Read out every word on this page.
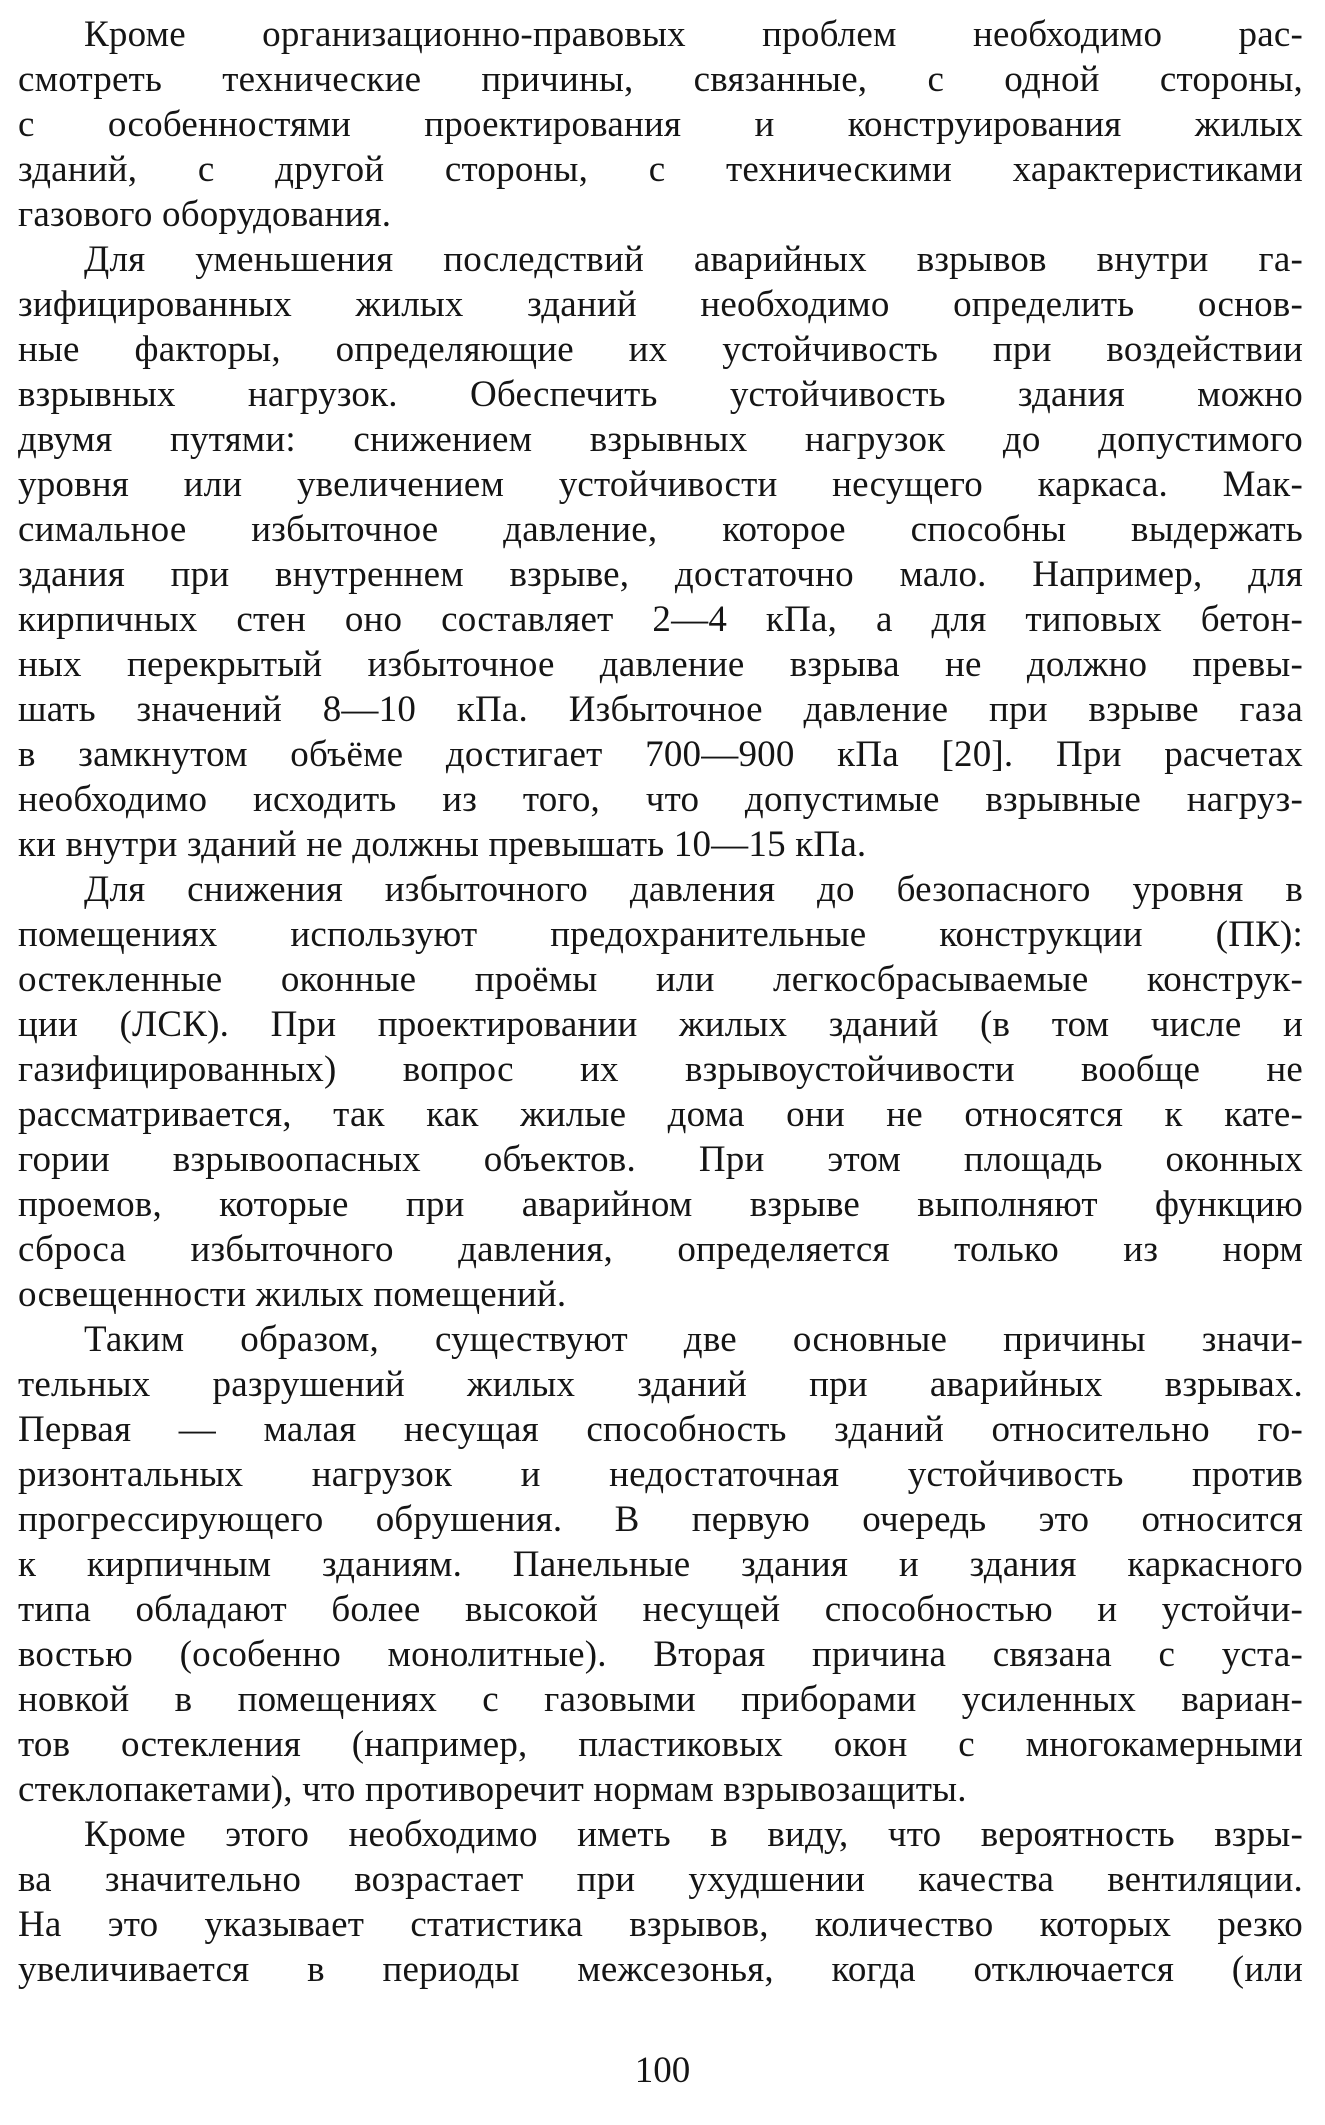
Кроме организационно-правовых проблем необходимо рас-
смотреть технические причины, связанные, с одной стороны,
с особенностями проектирования и конструирования жилых
зданий, с другой стороны, с техническими характеристиками
газового оборудования.
Для уменьшения последствий аварийных взрывов внутри га-
зифицированных жилых зданий необходимо определить основ-
ные факторы, определяющие их устойчивость при воздействии
взрывных нагрузок. Обеспечить устойчивость здания можно
двумя путями: снижением взрывных нагрузок до допустимого
уровня или увеличением устойчивости несущего каркаса. Мак-
симальное избыточное давление, которое способны выдержать
здания при внутреннем взрыве, достаточно мало. Например, для
кирпичных стен оно составляет 2—4 кПа, а для типовых бетон-
ных перекрытый избыточное давление взрыва не должно превы-
шать значений 8—10 кПа. Избыточное давление при взрыве газа
в замкнутом объёме достигает 700—900 кПа [20]. При расчетах
необходимо исходить из того, что допустимые взрывные нагруз-
ки внутри зданий не должны превышать 10—15 кПа.
Для снижения избыточного давления до безопасного уровня в
помещениях используют предохранительные конструкции (ПК):
остекленные оконные проёмы или легкосбрасываемые конструк-
ции (ЛСК). При проектировании жилых зданий (в том числе и
газифицированных) вопрос их взрывоустойчивости вообще не
рассматривается, так как жилые дома они не относятся к кате-
гории взрывоопасных объектов. При этом площадь оконных
проемов, которые при аварийном взрыве выполняют функцию
сброса избыточного давления, определяется только из норм
освещенности жилых помещений.
Таким образом, существуют две основные причины значи-
тельных разрушений жилых зданий при аварийных взрывах.
Первая — малая несущая способность зданий относительно го-
ризонтальных нагрузок и недостаточная устойчивость против
прогрессирующего обрушения. В первую очередь это относится
к кирпичным зданиям. Панельные здания и здания каркасного
типа обладают более высокой несущей способностью и устойчи-
востью (особенно монолитные). Вторая причина связана с уста-
новкой в помещениях с газовыми приборами усиленных вариан-
тов остекления (например, пластиковых окон с многокамерными
стеклопакетами), что противоречит нормам взрывозащиты.
Кроме этого необходимо иметь в виду, что вероятность взры-
ва значительно возрастает при ухудшении качества вентиляции.
На это указывает статистика взрывов, количество которых резко
увеличивается в периоды межсезонья, когда отключается (или
100
